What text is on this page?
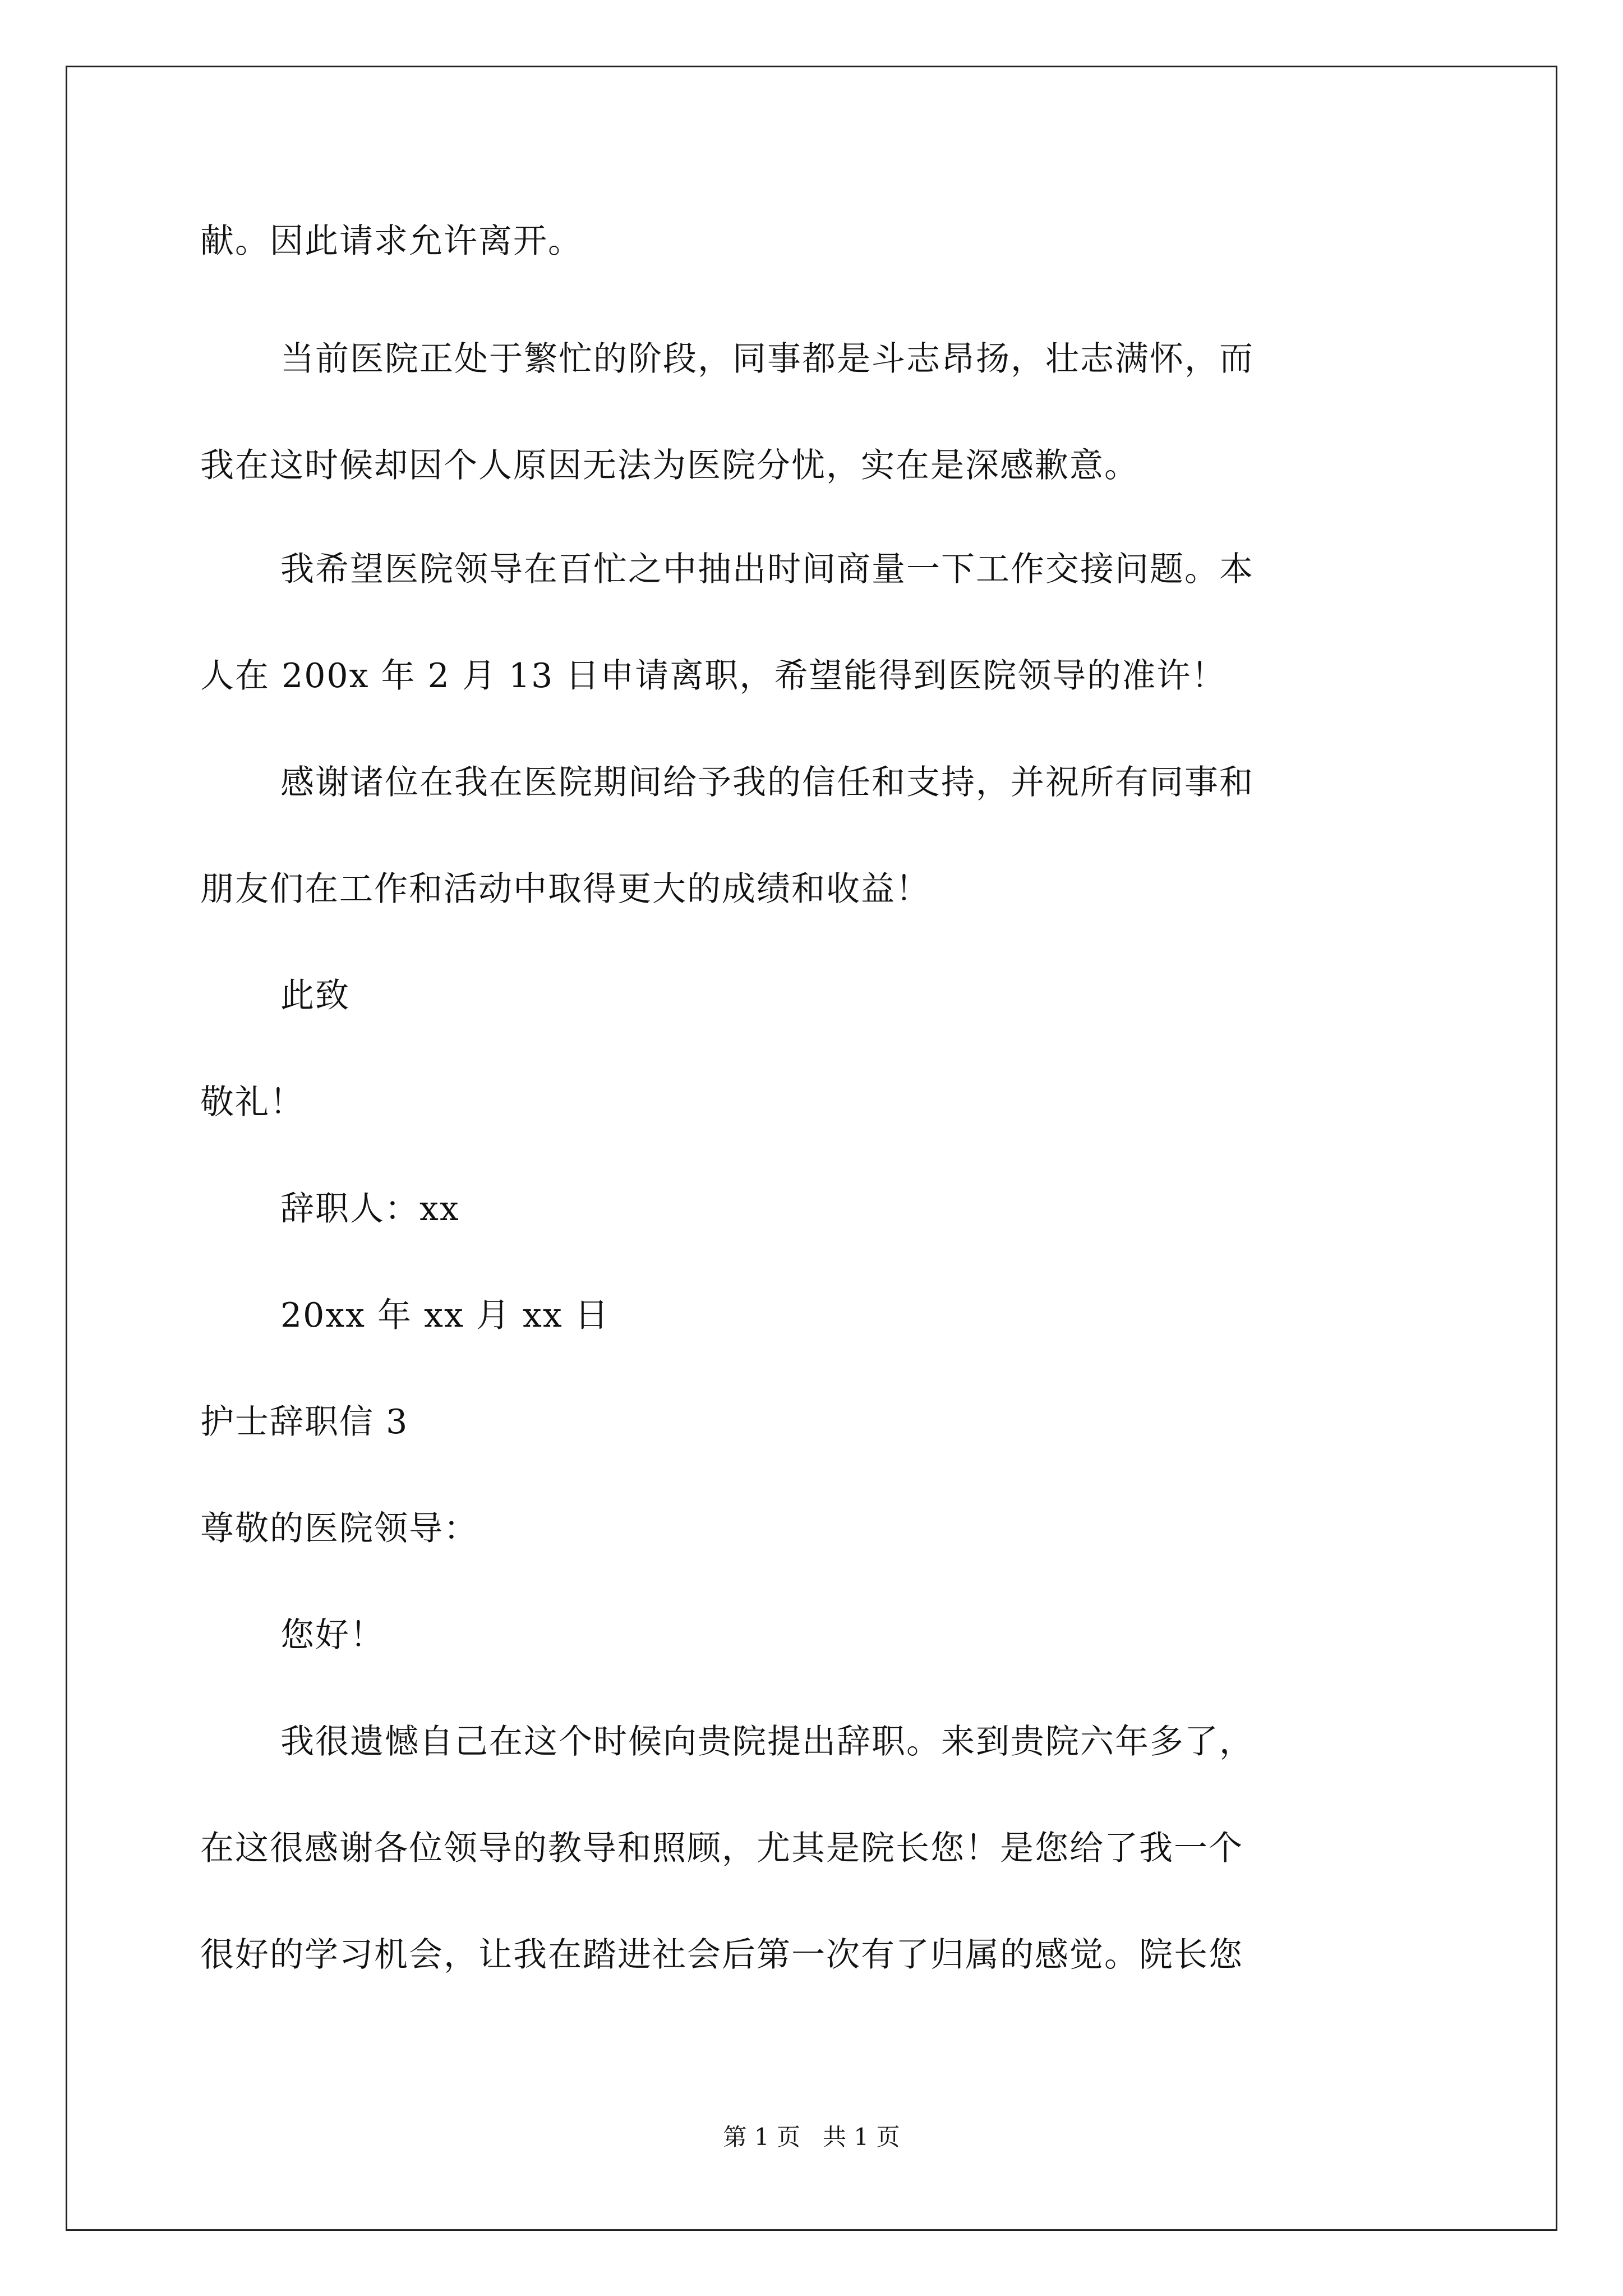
献。因此请求允许离开。
当前医院正处于繁忙的阶段，同事都是斗志昂扬，壮志满怀，而
我在这时候却因个人原因无法为医院分忧，实在是深感歉意。
我希望医院领导在百忙之中抽出时间商量一下工作交接问题。本
人在 200x 年 2 月 13 日申请离职，希望能得到医院领导的准许！
感谢诸位在我在医院期间给予我的信任和支持，并祝所有同事和
朋友们在工作和活动中取得更大的成绩和收益！
此致
敬礼！
辞职人：xx
20xx 年 xx 月 xx 日
护士辞职信 3
尊敬的医院领导：
您好！
我很遗憾自己在这个时候向贵院提出辞职。来到贵院六年多了，
在这很感谢各位领导的教导和照顾，尤其是院长您！是您给了我一个
很好的学习机会，让我在踏进社会后第一次有了归属的感觉。院长您
第 1 页   共 1 页
